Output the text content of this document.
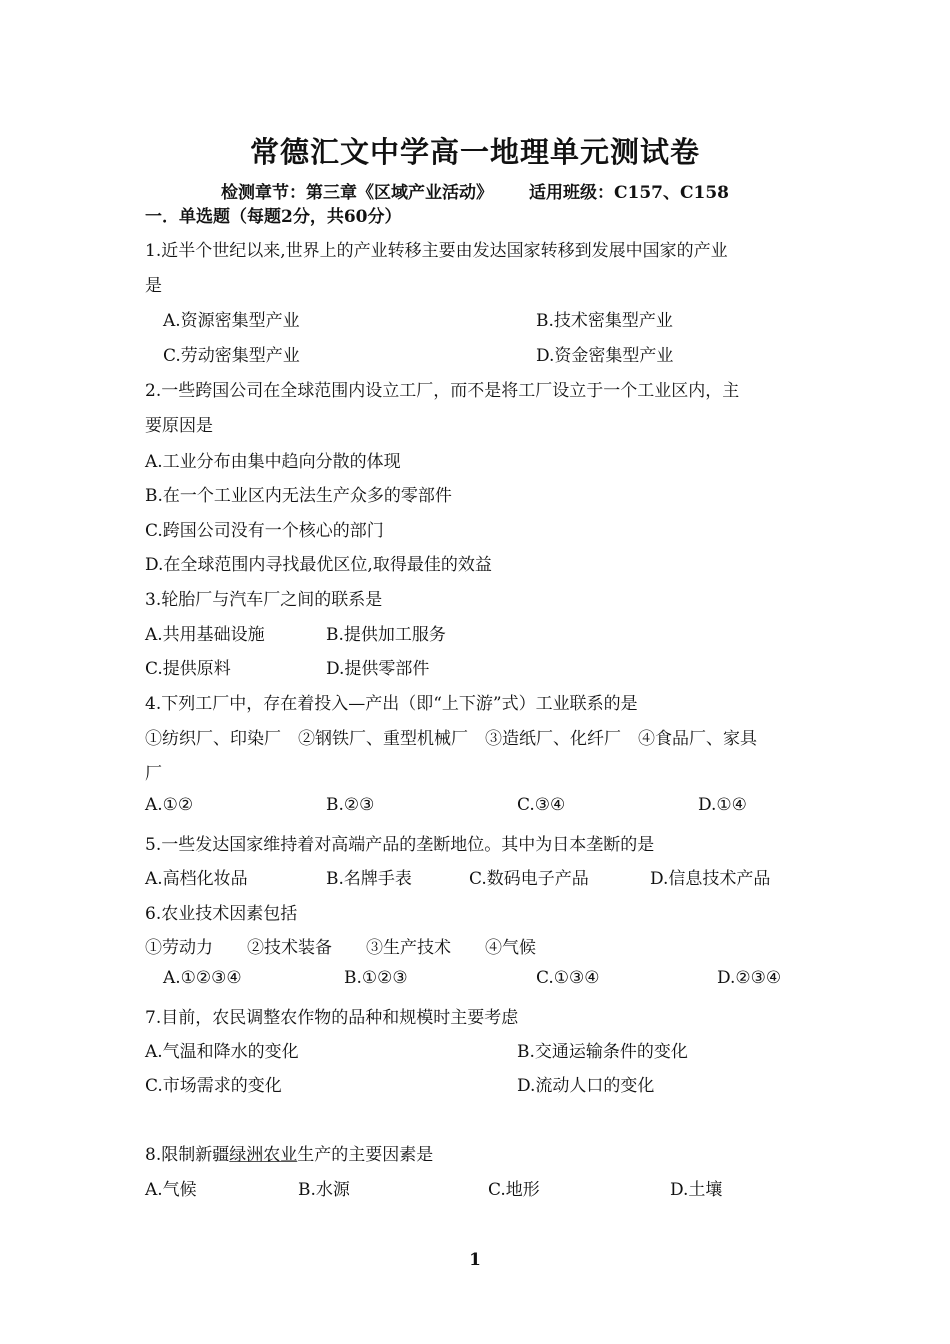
常德汇文中学高一地理单元测试卷
检测章节：第三章《区域产业活动》 适用班级：C157、C158
一．单选题（每题2分，共60分）
1.近半个世纪以来,世界上的产业转移主要由发达国家转移到发展中国家的产业
是
A.资源密集型产业	B.技术密集型产业
C.劳动密集型产业	D.资金密集型产业
2.一些跨国公司在全球范围内设立工厂，而不是将工厂设立于一个工业区内，主
要原因是
A.工业分布由集中趋向分散的体现
B.在一个工业区内无法生产众多的零部件
C.跨国公司没有一个核心的部门
D.在全球范围内寻找最优区位,取得最佳的效益
3.轮胎厂与汽车厂之间的联系是
A.共用基础设施	B.提供加工服务
C.提供原料	D.提供零部件
4.下列工厂中，存在着投入—产出（即“上下游”式）工业联系的是
①纺织厂、印染厂　②钢铁厂、重型机械厂　③造纸厂、化纤厂　④食品厂、家具
厂
A.①②	B.②③	C.③④	D.①④
5.一些发达国家维持着对高端产品的垄断地位。其中为日本垄断的是
A.高档化妆品	B.名牌手表	C.数码电子产品	D.信息技术产品
6.农业技术因素包括
①劳动力　　②技术装备　　③生产技术　　④气候
A.①②③④	B.①②③	C.①③④	D.②③④
7.目前，农民调整农作物的品种和规模时主要考虑
A.气温和降水的变化	B.交通运输条件的变化
C.市场需求的变化	D.流动人口的变化
8.限制新疆绿洲农业生产的主要因素是
A.气候	B.水源	C.地形	D.土壤
1
